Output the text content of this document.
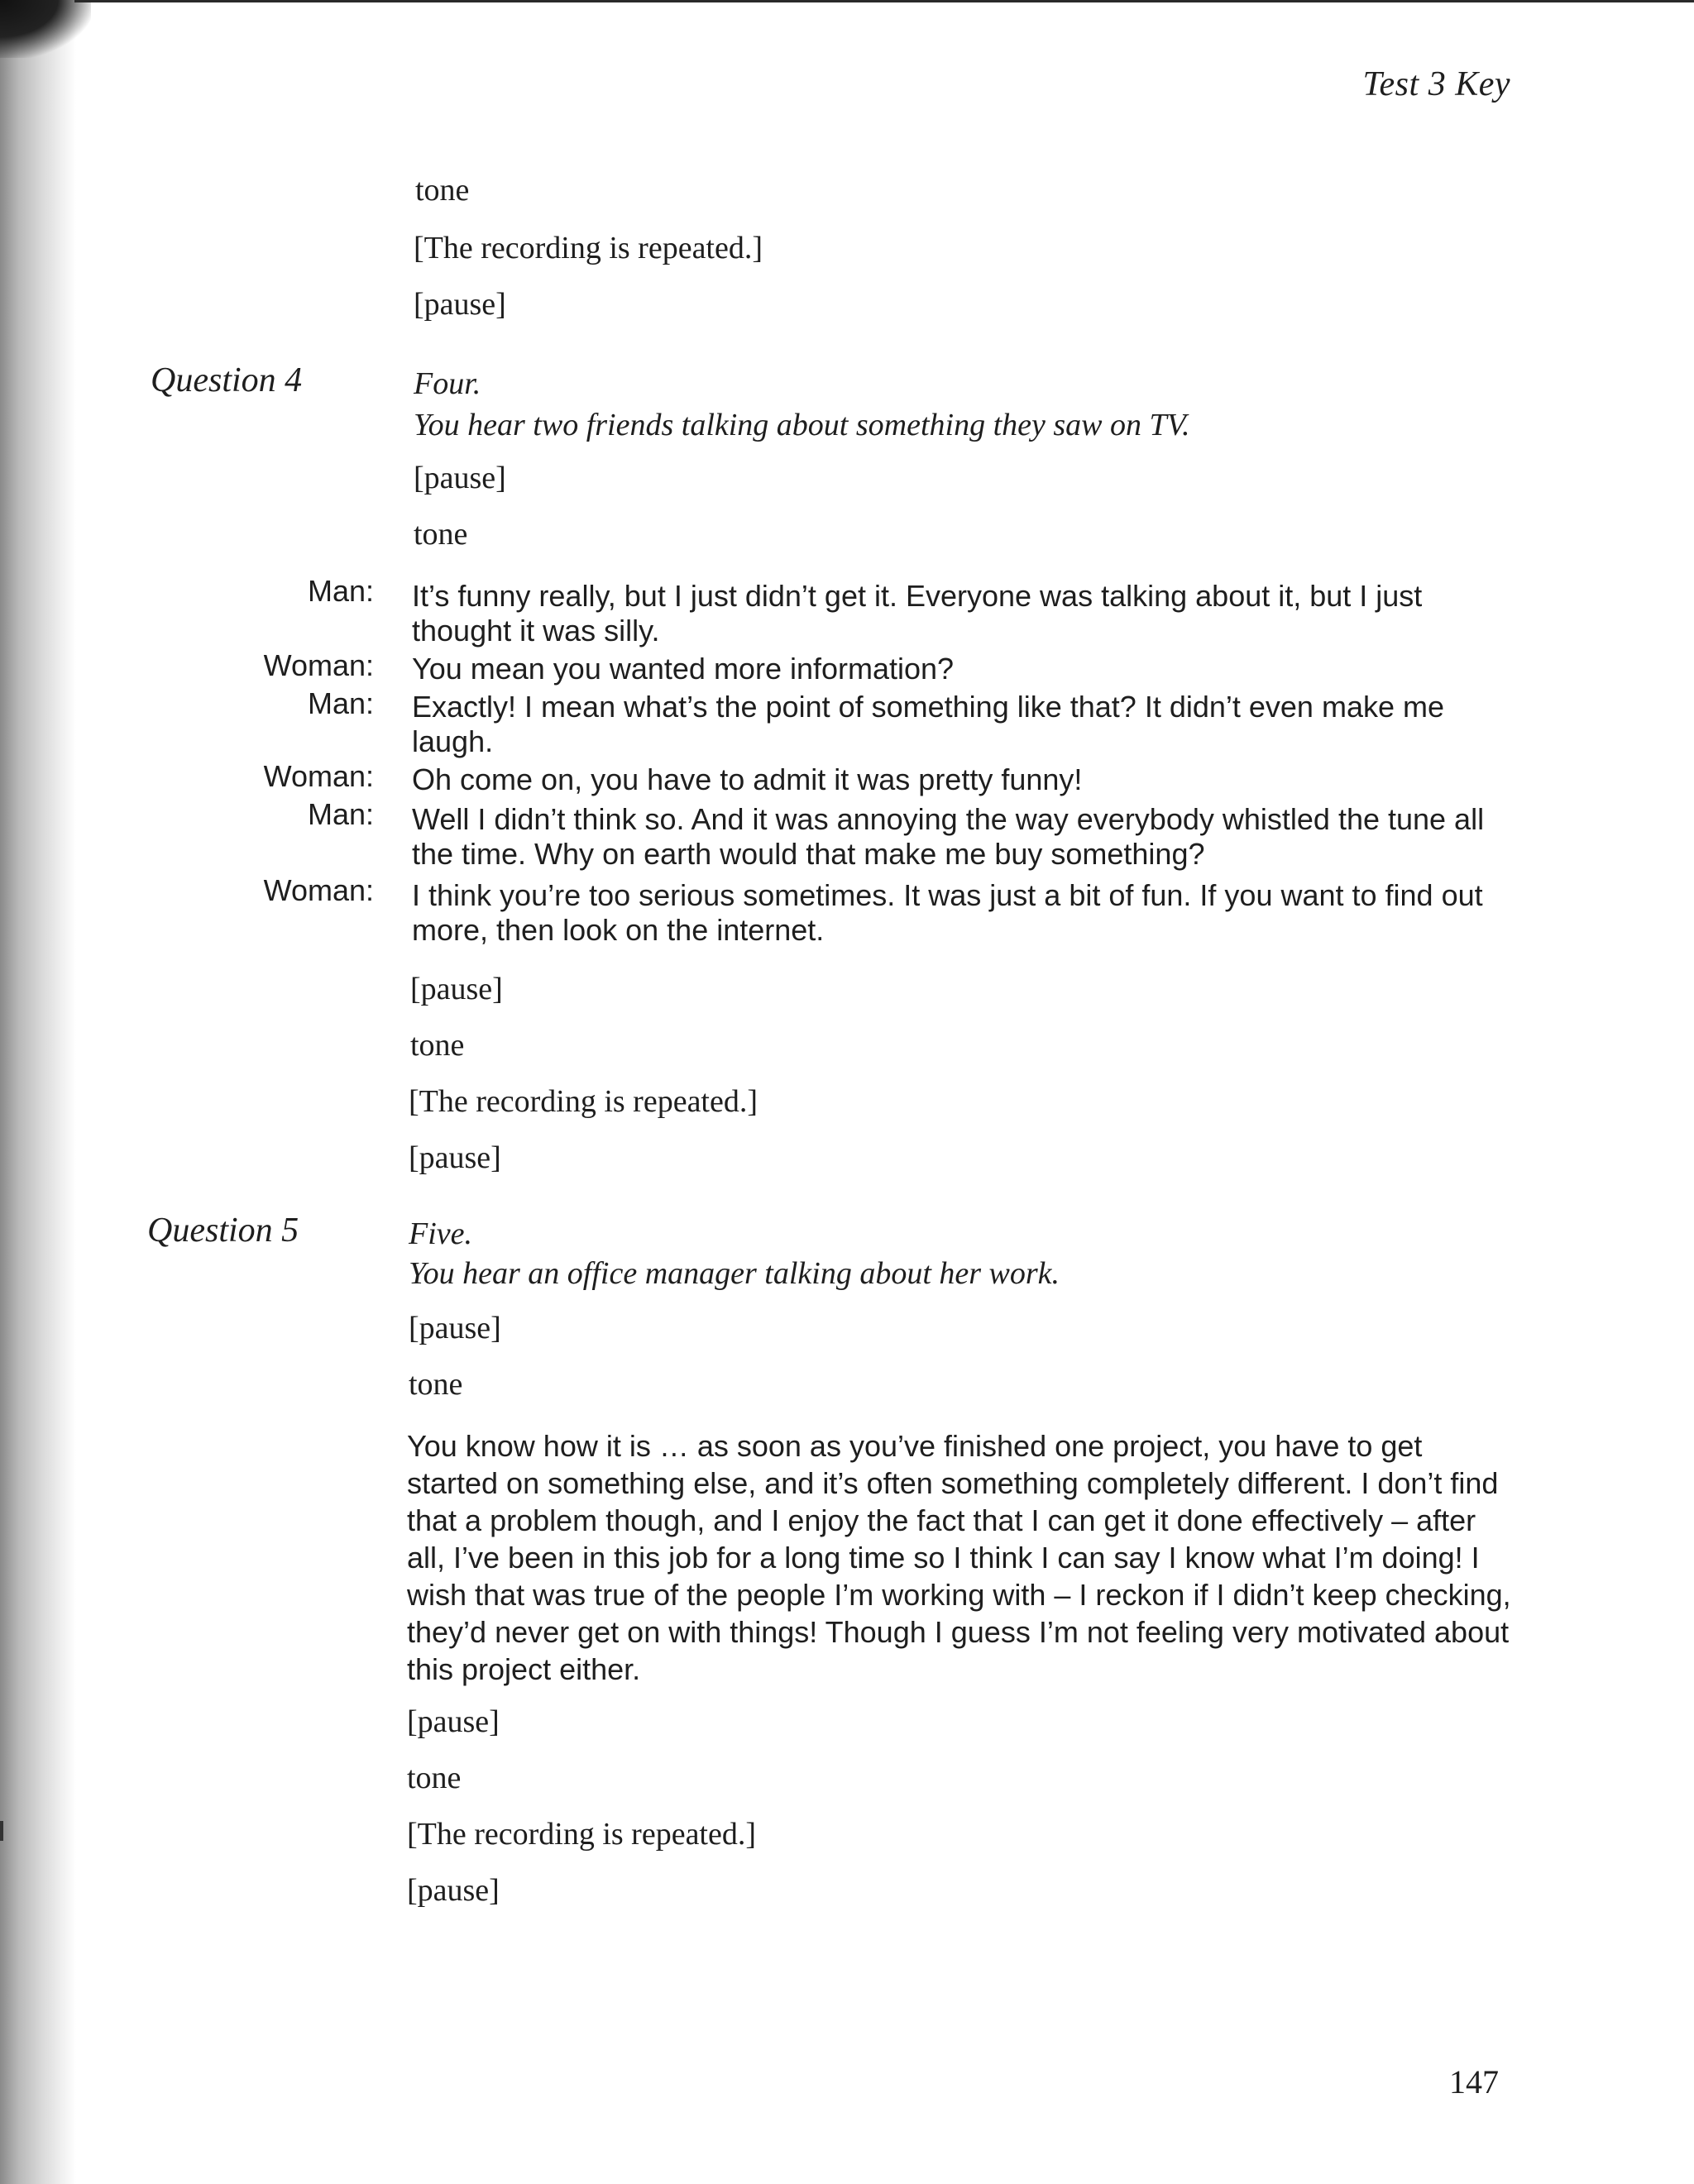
Test 3 Key
tone
[The recording is repeated.]
[pause]
Question 4	Four.
You hear two friends talking about something they saw on TV.
[pause]
tone
Man: It’s funny really, but I just didn’t get it. Everyone was talking about it, but I just thought it was silly.
Woman: You mean you wanted more information?
Man: Exactly! I mean what’s the point of something like that? It didn’t even make me laugh.
Woman: Oh come on, you have to admit it was pretty funny!
Man: Well I didn’t think so. And it was annoying the way everybody whistled the tune all the time. Why on earth would that make me buy something?
Woman: I think you’re too serious sometimes. It was just a bit of fun. If you want to find out more, then look on the internet.
[pause]
tone
[The recording is repeated.]
[pause]
Question 5	Five.
You hear an office manager talking about her work.
[pause]
tone
You know how it is … as soon as you’ve finished one project, you have to get started on something else, and it’s often something completely different. I don’t find that a problem though, and I enjoy the fact that I can get it done effectively – after all, I’ve been in this job for a long time so I think I can say I know what I’m doing! I wish that was true of the people I’m working with – I reckon if I didn’t keep checking, they’d never get on with things! Though I guess I’m not feeling very motivated about this project either.
[pause]
tone
[The recording is repeated.]
[pause]
147
